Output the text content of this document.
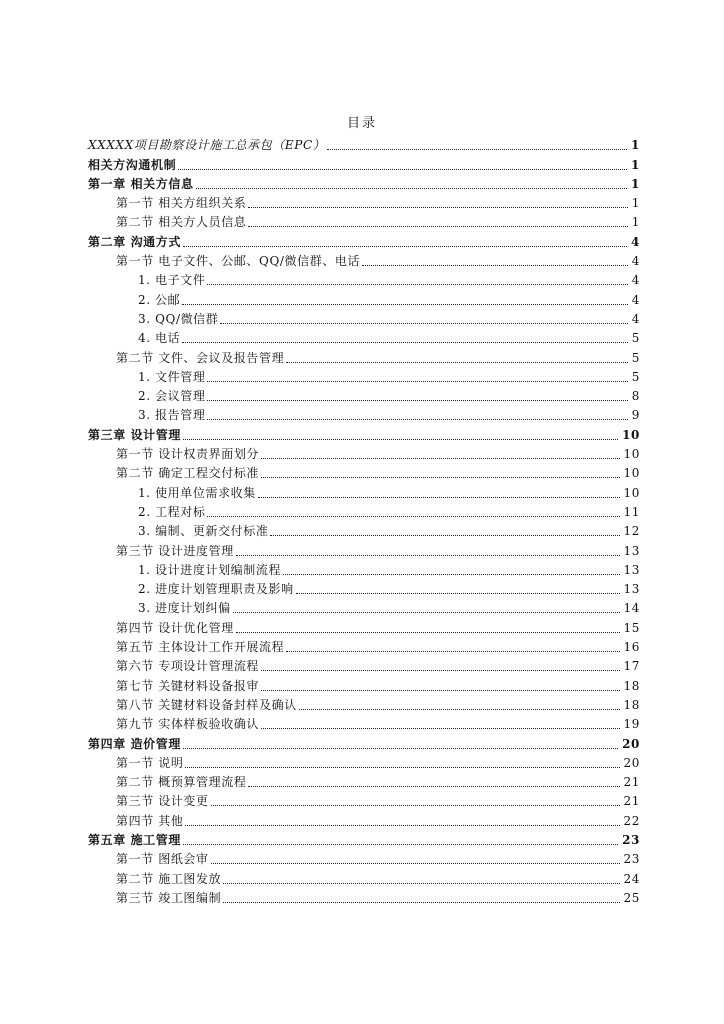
目录
XXXXX项目勘察设计施工总承包（EPC）	1
相关方沟通机制	1
第一章 相关方信息	1
第一节 相关方组织关系	1
第二节 相关方人员信息	1
第二章 沟通方式	4
第一节 电子文件、公邮、QQ/微信群、电话	4
1. 电子文件	4
2. 公邮	4
3. QQ/微信群	4
4. 电话	5
第二节 文件、会议及报告管理	5
1. 文件管理	5
2. 会议管理	8
3. 报告管理	9
第三章 设计管理	10
第一节 设计权责界面划分	10
第二节 确定工程交付标准	10
1. 使用单位需求收集	10
2. 工程对标	11
3. 编制、更新交付标准	12
第三节 设计进度管理	13
1. 设计进度计划编制流程	13
2. 进度计划管理职责及影响	13
3. 进度计划纠偏	14
第四节 设计优化管理	15
第五节 主体设计工作开展流程	16
第六节 专项设计管理流程	17
第七节 关键材料设备报审	18
第八节 关键材料设备封样及确认	18
第九节 实体样板验收确认	19
第四章 造价管理	20
第一节 说明	20
第二节 概预算管理流程	21
第三节 设计变更	21
第四节 其他	22
第五章 施工管理	23
第一节 图纸会审	23
第二节 施工图发放	24
第三节 竣工图编制	25
